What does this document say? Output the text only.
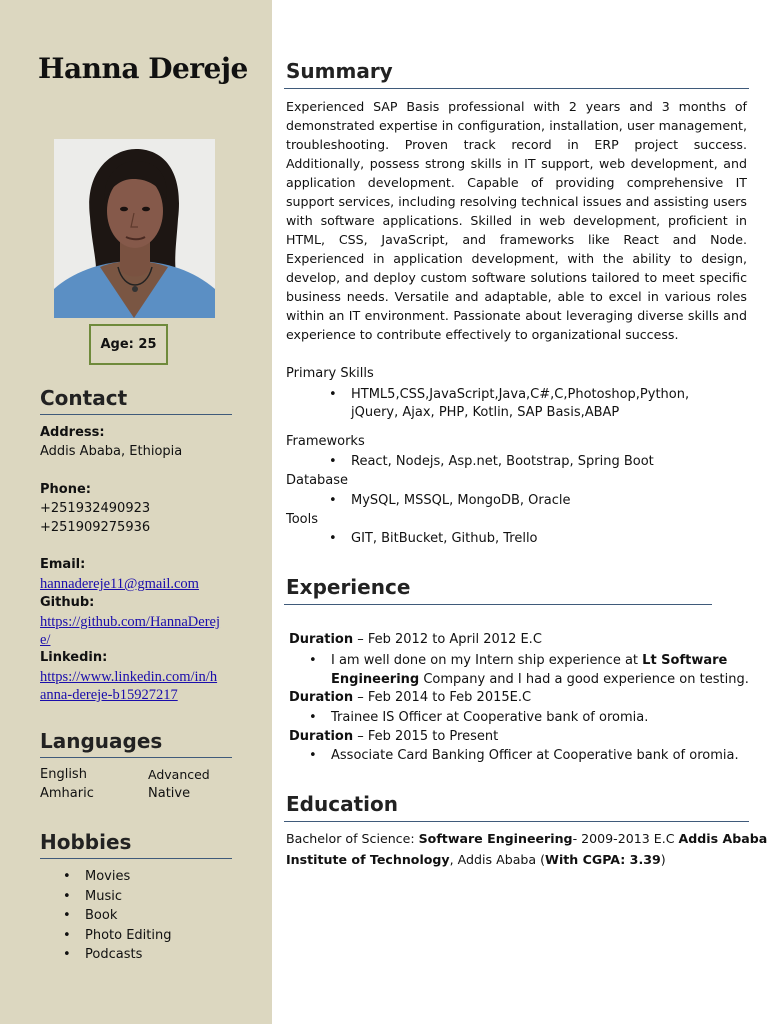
Hanna Dereje
Age: 25
Contact
Address:
Addis Ababa, Ethiopia
Phone:
+251932490923
+251909275936
Email:
hannadereje11@gmail.com
Github:
https://github.com/HannaDerej
e/
Linkedin:
https://www.linkedin.com/in/h
anna-dereje-b15927217
Languages
English	Advanced
Amharic	Native
Hobbies
• Movies
• Music
• Book
• Photo Editing
• Podcasts
Summary
Experienced SAP Basis professional with 2 years and 3 months of demonstrated expertise in configuration, installation, user management, troubleshooting. Proven track record in ERP project success. Additionally, possess strong skills in IT support, web development, and application development. Capable of providing comprehensive IT support services, including resolving technical issues and assisting users with software applications. Skilled in web development, proficient in HTML, CSS, JavaScript, and frameworks like React and Node. Experienced in application development, with the ability to design, develop, and deploy custom software solutions tailored to meet specific business needs. Versatile and adaptable, able to excel in various roles within an IT environment. Passionate about leveraging diverse skills and experience to contribute effectively to organizational success.
Primary Skills
• HTML5,CSS,JavaScript,Java,C#,C,Photoshop,Python,
jQuery, Ajax, PHP, Kotlin, SAP Basis,ABAP
Frameworks
• React, Nodejs, Asp.net, Bootstrap, Spring Boot
Database
• MySQL, MSSQL, MongoDB, Oracle
Tools
• GIT, BitBucket, Github, Trello
Experience
Duration – Feb 2012 to April 2012 E.C
• I am well done on my Intern ship experience at Lt Software
Engineering Company and I had a good experience on testing.
Duration – Feb 2014 to Feb 2015E.C
• Trainee IS Officer at Cooperative bank of oromia.
Duration – Feb 2015 to Present
• Associate Card Banking Officer at Cooperative bank of oromia.
Education
Bachelor of Science: Software Engineering- 2009-2013 E.C Addis Ababa
Institute of Technology, Addis Ababa (With CGPA: 3.39)
